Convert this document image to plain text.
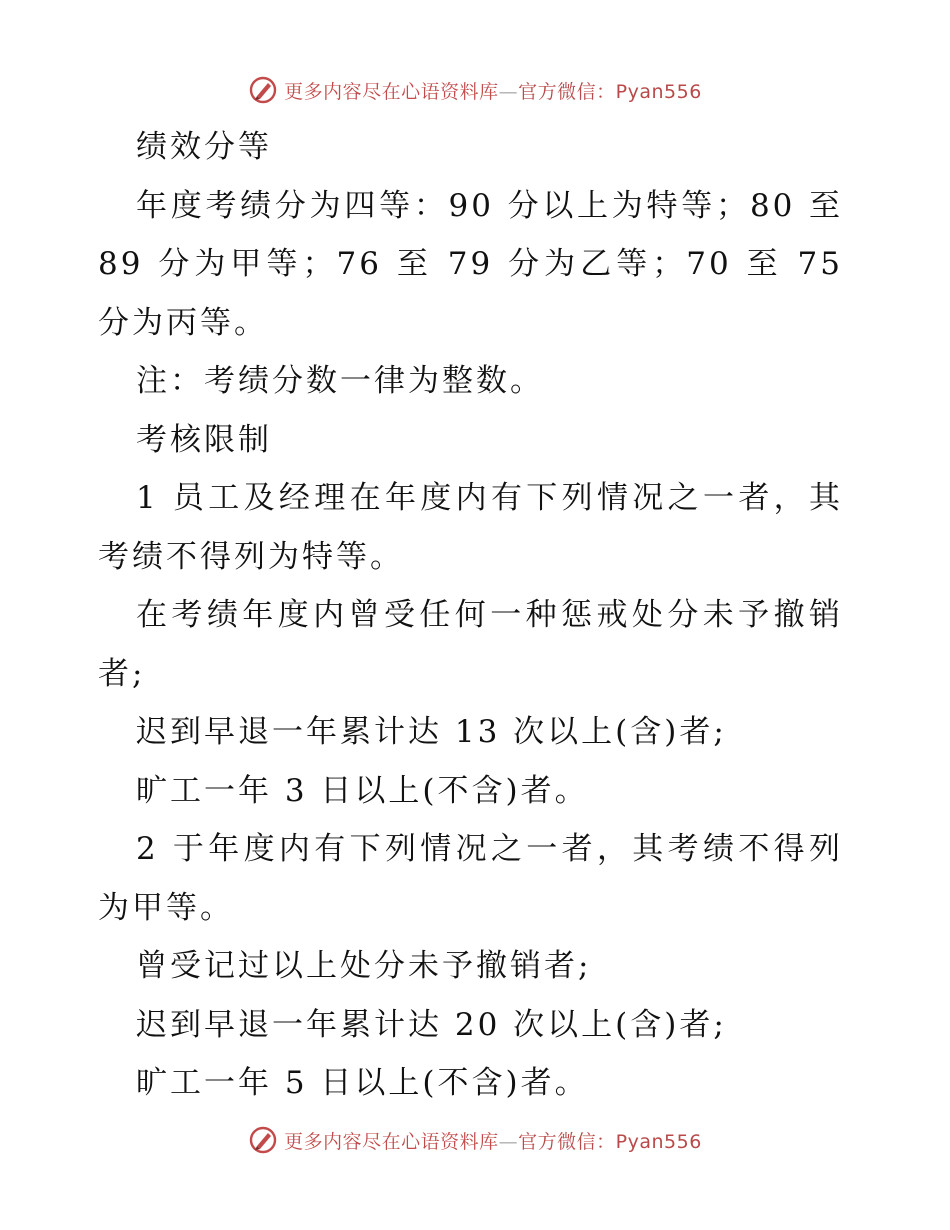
更多内容尽在心语资料库—官方微信：Pyan556

绩效分等

年度考绩分为四等：90 分以上为特等；80 至 89 分为甲等；76 至 79 分为乙等；70 至 75 分为丙等。

注：考绩分数一律为整数。

考核限制

1 员工及经理在年度内有下列情况之一者，其考绩不得列为特等。

在考绩年度内曾受任何一种惩戒处分未予撤销者;

迟到早退一年累计达 13 次以上(含)者;

旷工一年 3 日以上(不含)者。

2 于年度内有下列情况之一者，其考绩不得列为甲等。

曾受记过以上处分未予撤销者;

迟到早退一年累计达 20 次以上(含)者;

旷工一年 5 日以上(不含)者。

更多内容尽在心语资料库—官方微信：Pyan556
